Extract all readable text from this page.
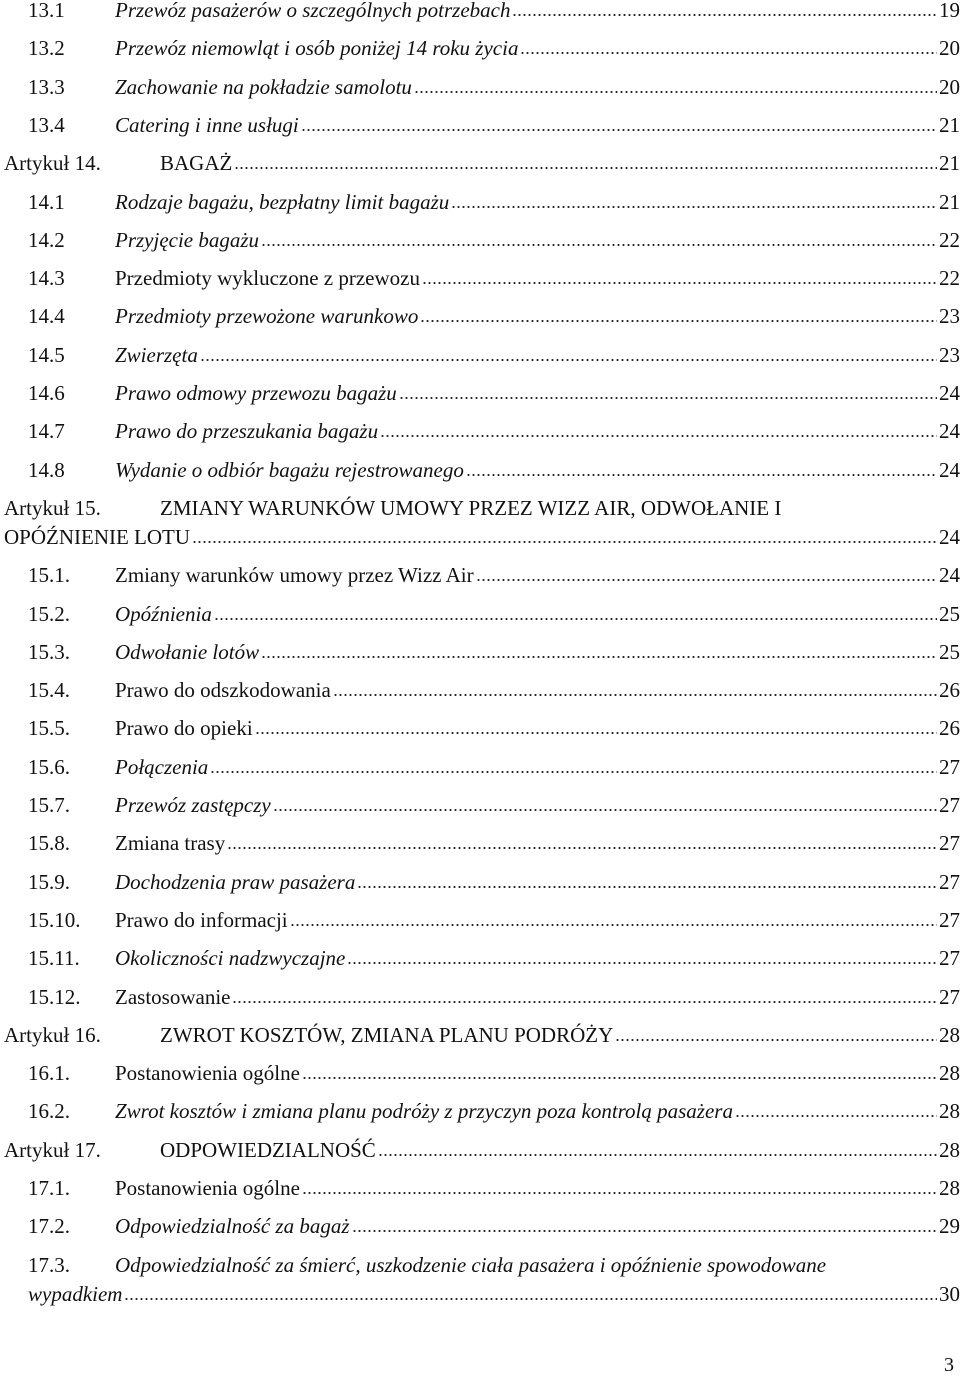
13.1 Przewóz pasażerów o szczególnych potrzebach	19
13.2 Przewóz niemowląt i osób poniżej 14 roku życia	20
13.3 Zachowanie na pokładzie samolotu	20
13.4 Catering i inne usługi	21
Artykuł 14.	BAGAŻ	21
14.1 Rodzaje bagażu, bezpłatny limit bagażu	21
14.2 Przyjęcie bagażu	22
14.3 Przedmioty wykluczone z przewozu	22
14.4 Przedmioty przewożone warunkowo	23
14.5 Zwierzęta	23
14.6 Prawo odmowy przewozu bagażu	24
14.7 Prawo do przeszukania bagażu	24
14.8 Wydanie o odbiór bagażu rejestrowanego	24
Artykuł 15.	ZMIANY WARUNKÓW UMOWY PRZEZ WIZZ AIR, ODWOŁANIE I
OPÓŹNIENIE LOTU	24
15.1. Zmiany warunków umowy przez Wizz Air	24
15.2. Opóźnienia	25
15.3. Odwołanie lotów	25
15.4. Prawo do odszkodowania	26
15.5. Prawo do opieki	26
15.6. Połączenia	27
15.7. Przewóz zastępczy	27
15.8. Zmiana trasy	27
15.9. Dochodzenia praw pasażera	27
15.10. Prawo do informacji	27
15.11. Okoliczności nadzwyczajne	27
15.12. Zastosowanie	27
Artykuł 16.	ZWROT KOSZTÓW, ZMIANA PLANU PODRÓŻY	28
16.1. Postanowienia ogólne	28
16.2. Zwrot kosztów i zmiana planu podróży z przyczyn poza kontrolą pasażera	28
Artykuł 17.	ODPOWIEDZIALNOŚĆ	28
17.1. Postanowienia ogólne	28
17.2. Odpowiedzialność za bagaż	29
17.3. Odpowiedzialność za śmierć, uszkodzenie ciała pasażera i opóźnienie spowodowane
wypadkiem	30
3
